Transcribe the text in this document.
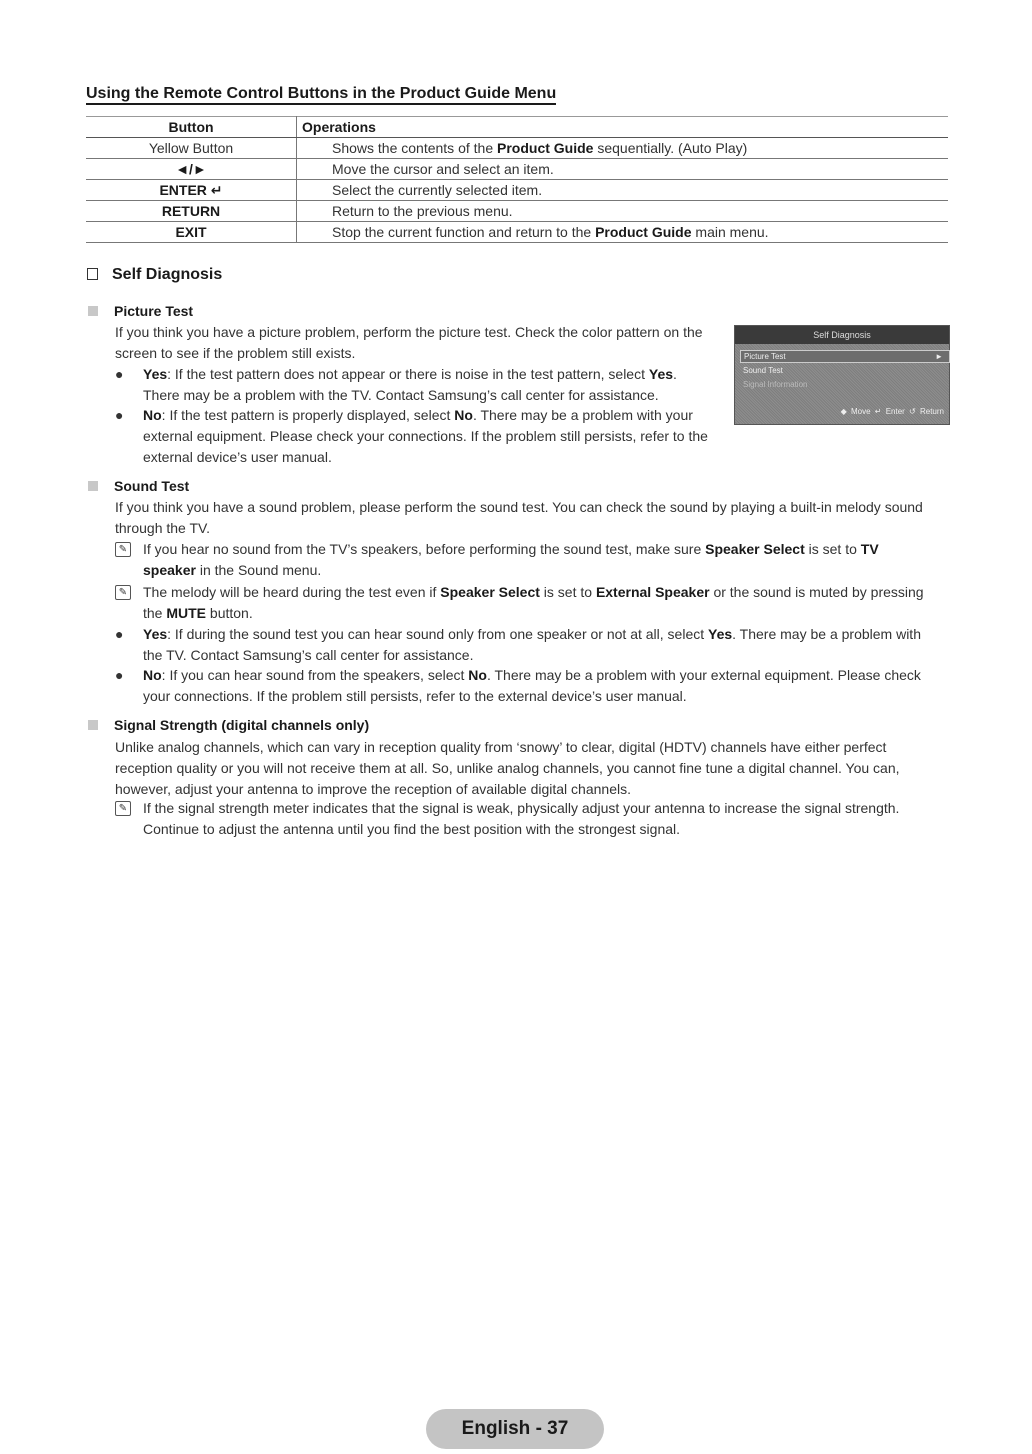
Using the Remote Control Buttons in the Product Guide Menu
Button	Operations
Yellow Button	Shows the contents of the Product Guide sequentially. (Auto Play)
◄/►	Move the cursor and select an item.
ENTER ↵	Select the currently selected item.
RETURN	Return to the previous menu.
EXIT	Stop the current function and return to the Product Guide main menu.
Self Diagnosis
Picture Test
If you think you have a picture problem, perform the picture test. Check the color pattern on the
screen to see if the problem still exists.
● Yes: If the test pattern does not appear or there is noise in the test pattern, select Yes.
There may be a problem with the TV. Contact Samsung’s call center for assistance.
● No: If the test pattern is properly displayed, select No. There may be a problem with your
external equipment. Please check your connections. If the problem still persists, refer to the
external device’s user manual.
Self Diagnosis
Picture Test	►
Sound Test
Signal Information
◆ Move ↵ Enter ↺ Return
Sound Test
If you think you have a sound problem, please perform the sound test. You can check the sound by playing a built-in melody sound
through the TV.
✎ If you hear no sound from the TV’s speakers, before performing the sound test, make sure Speaker Select is set to TV
speaker in the Sound menu.
✎ The melody will be heard during the test even if Speaker Select is set to External Speaker or the sound is muted by pressing
the MUTE button.
● Yes: If during the sound test you can hear sound only from one speaker or not at all, select Yes. There may be a problem with
the TV. Contact Samsung’s call center for assistance.
● No: If you can hear sound from the speakers, select No. There may be a problem with your external equipment. Please check
your connections. If the problem still persists, refer to the external device’s user manual.
Signal Strength (digital channels only)
Unlike analog channels, which can vary in reception quality from ‘snowy’ to clear, digital (HDTV) channels have either perfect
reception quality or you will not receive them at all. So, unlike analog channels, you cannot fine tune a digital channel. You can,
however, adjust your antenna to improve the reception of available digital channels.
✎ If the signal strength meter indicates that the signal is weak, physically adjust your antenna to increase the signal strength.
Continue to adjust the antenna until you find the best position with the strongest signal.
English - 37
